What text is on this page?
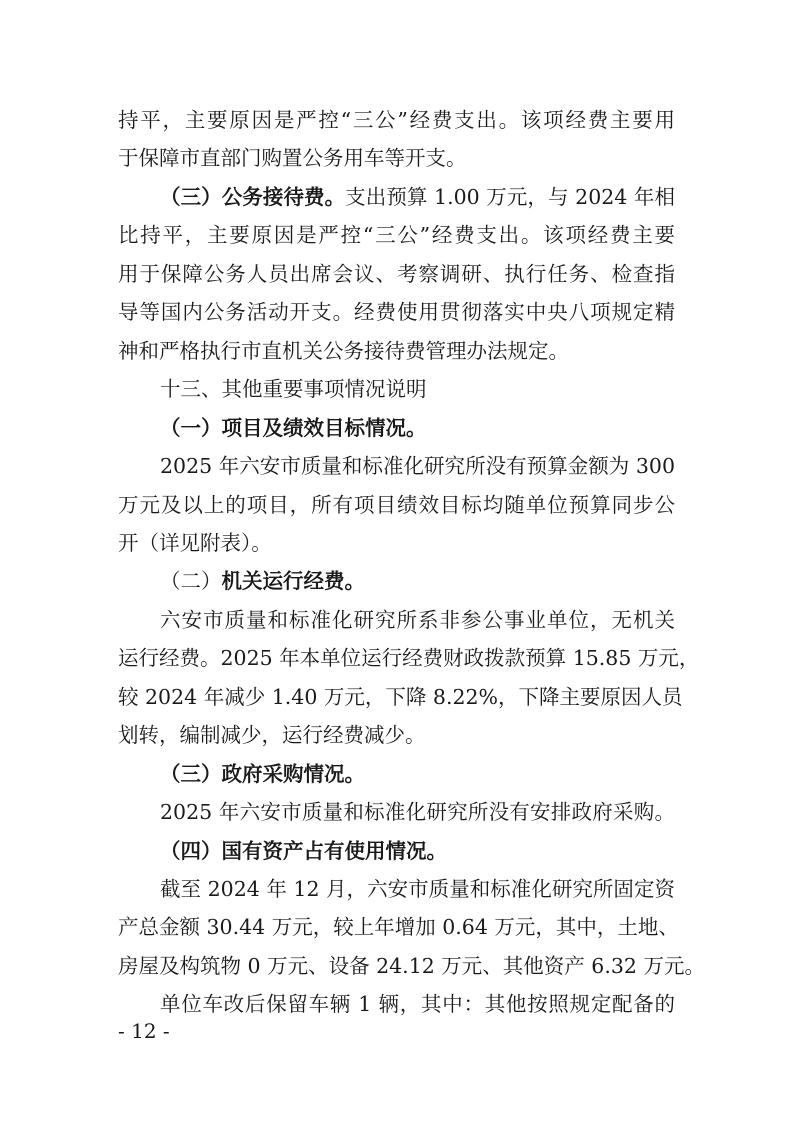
持平，主要原因是严控“三公”经费支出。该项经费主要用
于保障市直部门购置公务用车等开支。
（三）公务接待费。支出预算 1.00 万元，与 2024 年相
比持平，主要原因是严控“三公”经费支出。该项经费主要
用于保障公务人员出席会议、考察调研、执行任务、检查指
导等国内公务活动开支。经费使用贯彻落实中央八项规定精
神和严格执行市直机关公务接待费管理办法规定。
十三、其他重要事项情况说明
（一）项目及绩效目标情况。
2025 年六安市质量和标准化研究所没有预算金额为 300
万元及以上的项目，所有项目绩效目标均随单位预算同步公
开（详见附表）。
（二）机关运行经费。
六安市质量和标准化研究所系非参公事业单位，无机关
运行经费。2025 年本单位运行经费财政拨款预算 15.85 万元，
较 2024 年减少 1.40 万元，下降 8.22%，下降主要原因人员
划转，编制减少，运行经费减少。
（三）政府采购情况。
2025 年六安市质量和标准化研究所没有安排政府采购。
（四）国有资产占有使用情况。
截至 2024 年 12 月，六安市质量和标准化研究所固定资
产总金额 30.44 万元，较上年增加 0.64 万元，其中，土地、
房屋及构筑物 0 万元、设备 24.12 万元、其他资产 6.32 万元。
单位车改后保留车辆 1 辆，其中：其他按照规定配备的
- 12 -
